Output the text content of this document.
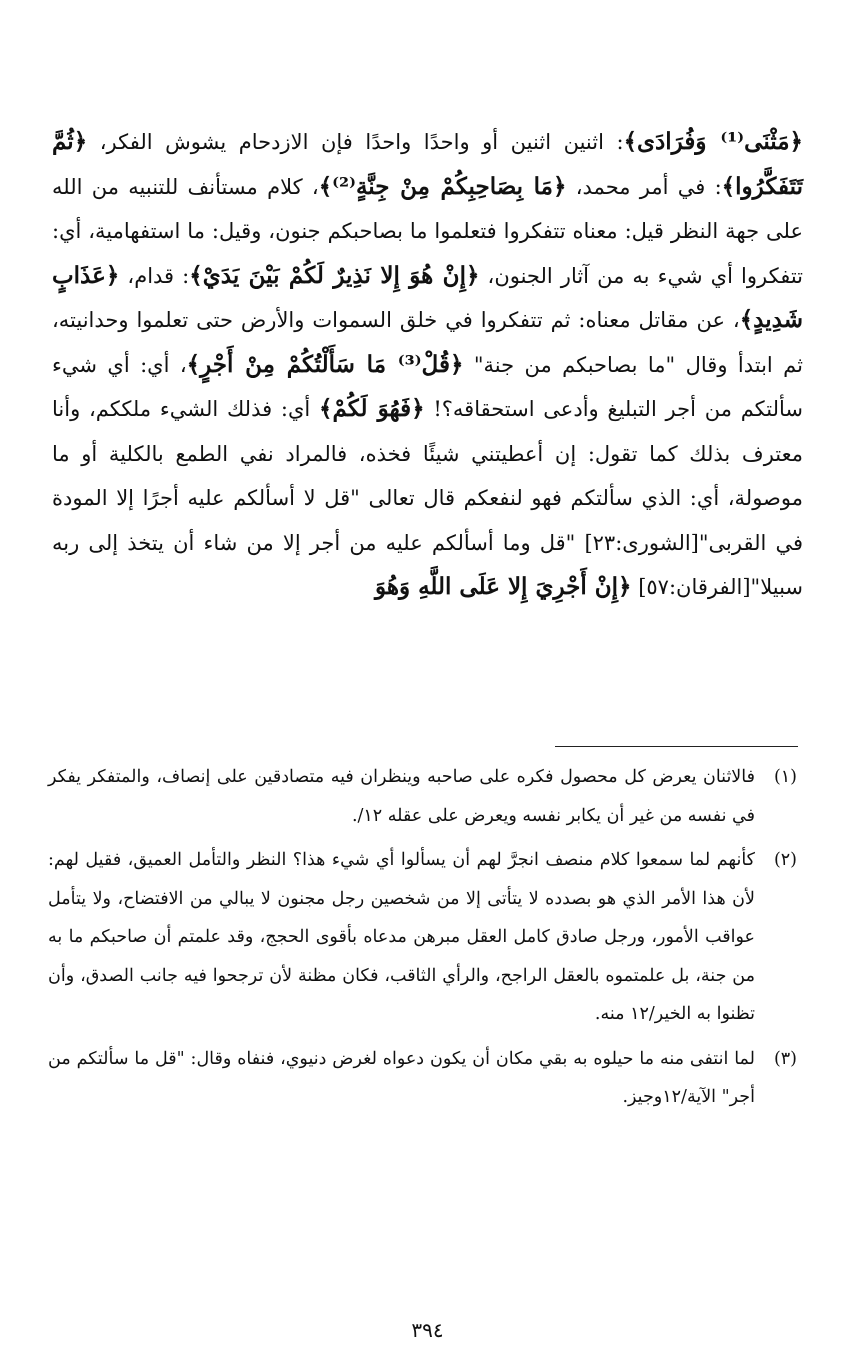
﴿مَثْنَى⁽¹⁾ وَفُرَادَى﴾: اثنين اثنين أو واحدًا واحدًا فإن الازدحام يشوش الفكر، ﴿ثُمَّ تَتَفَكَّرُوا﴾: في أمر محمد، ﴿مَا بِصَاحِبِكُمْ مِنْ جِنَّةٍ⁽²⁾﴾، كلام مستأنف للتنبيه من الله على جهة النظر قيل: معناه تتفكروا فتعلموا ما بصاحبكم جنون، وقيل: ما استفهامية، أي: تتفكروا أي شيء به من آثار الجنون، ﴿إِنْ هُوَ إِلا نَذِيرٌ لَكُمْ بَيْنَ يَدَيْ﴾: قدام، ﴿عَذَابٍ شَدِيدٍ﴾، عن مقاتل معناه: ثم تتفكروا في خلق السموات والأرض حتى تعلموا وحدانيته، ثم ابتدأ وقال "ما بصاحبكم من جنة" ﴿قُلْ⁽³⁾ مَا سَأَلْتُكُمْ مِنْ أَجْرٍ﴾، أي: أي شيء سألتكم من أجر التبليغ وأدعى استحقاقه؟! ﴿فَهُوَ لَكُمْ﴾ أي: فذلك الشيء ملككم، وأنا معترف بذلك كما تقول: إن أعطيتني شيئًا فخذه، فالمراد نفي الطمع بالكلية أو ما موصولة، أي: الذي سألتكم فهو لنفعكم قال تعالى "قل لا أسألكم عليه أجرًا إلا المودة في القربى"[الشورى:٢٣] "قل وما أسألكم عليه من أجر إلا من شاء أن يتخذ إلى ربه سبيلا"[الفرقان:٥٧] ﴿إِنْ أَجْرِيَ إِلا عَلَى اللَّهِ وَهُوَ

(١)
فالاثنان يعرض كل محصول فكره على صاحبه وينظران فيه متصادقين على إنصاف، والمتفكر يفكر في نفسه من غير أن يكابر نفسه ويعرض على عقله ١٢/.
(٢)
كأنهم لما سمعوا كلام منصف انجرَّ لهم أن يسألوا أي شيء هذا؟ النظر والتأمل العميق، فقيل لهم: لأن هذا الأمر الذي هو بصدده لا يتأتى إلا من شخصين رجل مجنون لا يبالي من الافتضاح، ولا يتأمل عواقب الأمور، ورجل صادق كامل العقل مبرهن مدعاه بأقوى الحجج، وقد علمتم أن صاحبكم ما به من جنة، بل علمتموه بالعقل الراجح، والرأي الثاقب، فكان مظنة لأن ترجحوا فيه جانب الصدق، وأن تظنوا به الخير/١٢ منه.
(٣)
لما انتفى منه ما حيلوه به بقي مكان أن يكون دعواه لغرض دنيوي، فنفاه وقال: "قل ما سألتكم من أجر" الآية/١٢وجيز.
٣٩٤
